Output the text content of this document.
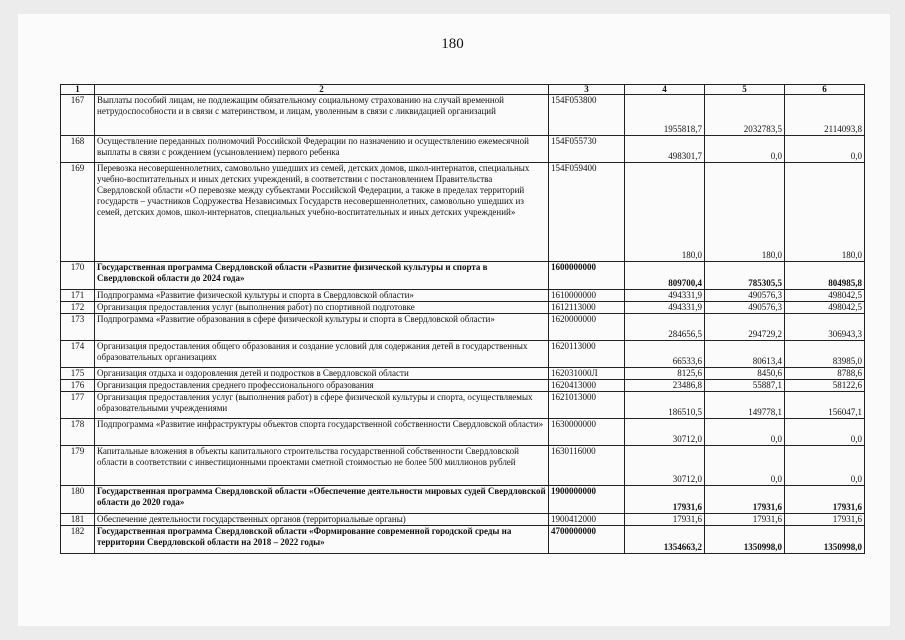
180
1	2	3	4	5	6
167	Выплаты пособий лицам, не подлежащим обязательному социальному страхованию на случай временной нетрудоспособности и в связи с материнством, и лицам, уволенным в связи с ликвидацией организаций	154F053800	1955818,7	2032783,5	2114093,8
168	Осуществление переданных полномочий Российской Федерации по назначению и осуществлению ежемесячной выплаты в связи с рождением (усыновлением) первого ребенка	154F055730	498301,7	0,0	0,0
169	Перевозка несовершеннолетних, самовольно ушедших из семей, детских домов, школ-интернатов, специальных учебно-воспитательных и иных детских учреждений, в соответствии с постановлением Правительства Свердловской области «О перевозке между субъектами Российской Федерации, а также в пределах территорий государств – участников Содружества Независимых Государств несовершеннолетних, самовольно ушедших из семей, детских домов, школ-интернатов, специальных учебно-воспитательных и иных детских учреждений»	154F059400	180,0	180,0	180,0
170	Государственная программа Свердловской области «Развитие физической культуры и спорта в Свердловской области до 2024 года»	1600000000	809700,4	785305,5	804985,8
171	Подпрограмма «Развитие физической культуры и спорта в Свердловской области»	1610000000	494331,9	490576,3	498042,5
172	Организация предоставления услуг (выполнения работ) по спортивной подготовке	1612113000	494331,9	490576,3	498042,5
173	Подпрограмма «Развитие образования в сфере физической культуры и спорта в Свердловской области»	1620000000	284656,5	294729,2	306943,3
174	Организация предоставления общего образования и создание условий для содержания детей в государственных образовательных организациях	1620113000	66533,6	80613,4	83985,0
175	Организация отдыха и оздоровления детей и подростков в Свердловской области	162031000Л	8125,6	8450,6	8788,6
176	Организация предоставления среднего профессионального образования	1620413000	23486,8	55887,1	58122,6
177	Организация предоставления услуг (выполнения работ) в сфере физической культуры и спорта, осуществляемых образовательными учреждениями	1621013000	186510,5	149778,1	156047,1
178	Подпрограмма «Развитие инфраструктуры объектов спорта государственной собственности Свердловской области»	1630000000	30712,0	0,0	0,0
179	Капитальные вложения в объекты капитального строительства государственной собственности Свердловской области в соответствии с инвестиционными проектами сметной стоимостью не более 500 миллионов рублей	1630116000	30712,0	0,0	0,0
180	Государственная программа Свердловской области «Обеспечение деятельности мировых судей Свердловской области до 2020 года»	1900000000	17931,6	17931,6	17931,6
181	Обеспечение деятельности государственных органов (территориальные органы)	1900412000	17931,6	17931,6	17931,6
182	Государственная программа Свердловской области «Формирование современной городской среды на территории Свердловской области на 2018 – 2022 годы»	4700000000	1354663,2	1350998,0	1350998,0
